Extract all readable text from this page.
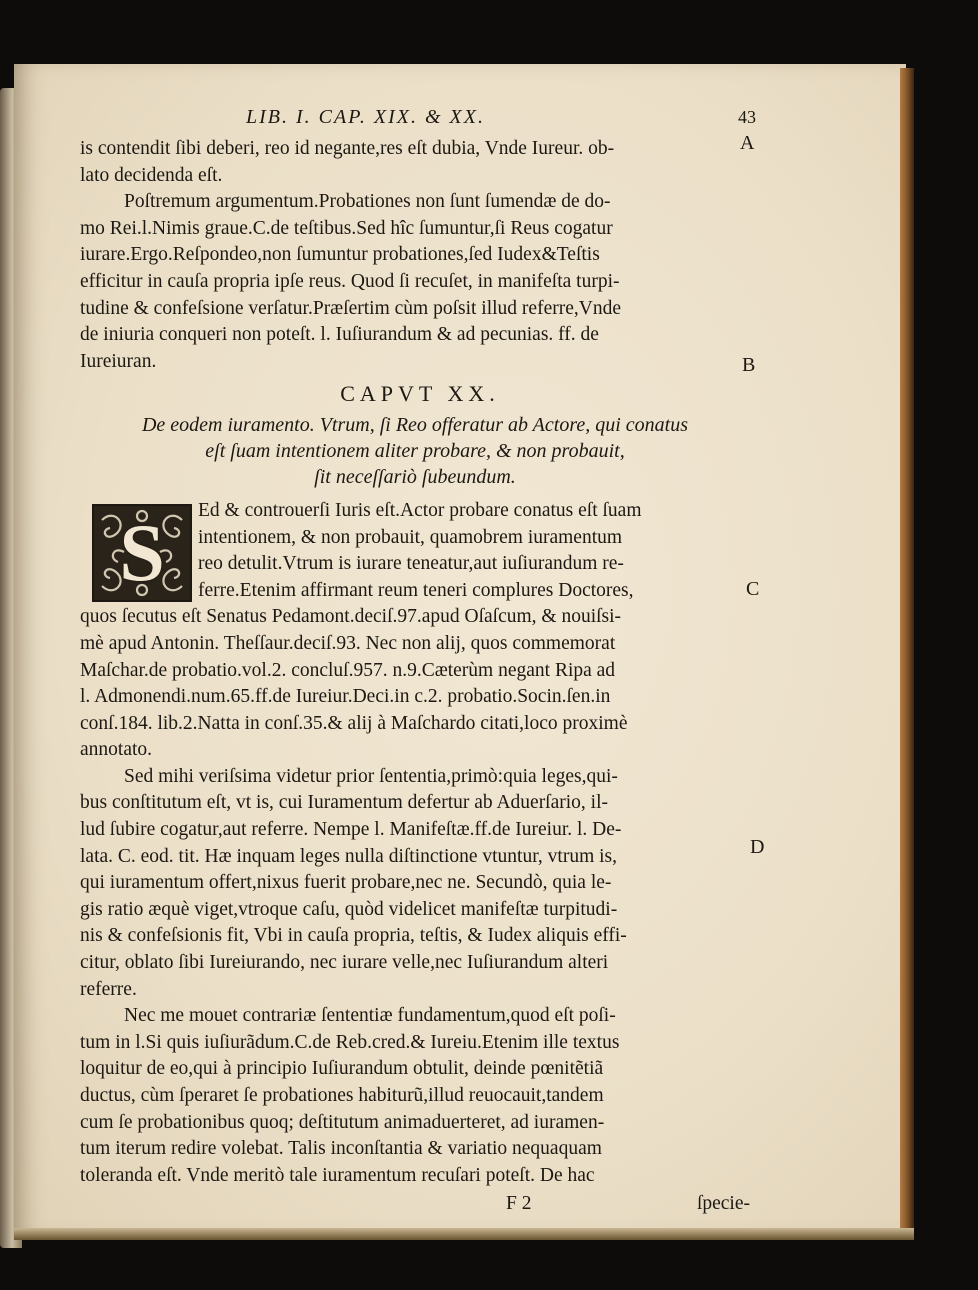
A
B
C
D
LIB. I. CAP. XIX. & XX.	43

is contendit ſibi deberi, reo id negante,res eſt dubia, Vnde Iureur. ob-
lato decidenda eſt.

Poſtremum argumentum.Probationes non ſunt ſumendæ de do-
mo Rei.l.Nimis graue.C.de teſtibus.Sed hîc ſumuntur,ſi Reus cogatur
iurare.Ergo.Reſpondeo,non ſumuntur probationes,ſed Iudex&Teſtis
efficitur in cauſa propria ipſe reus. Quod ſi recuſet, in manifeſta turpi-
tudine & confeſsione verſatur.Præſertim cùm poſsit illud referre,Vnde
de iniuria conqueri non poteſt. l. Iuſiurandum & ad pecunias. ff. de
Iureiuran.

CAPVT XX.
De eodem iuramento. Vtrum, ſi Reo offeratur ab Actore, qui conatus
eſt ſuam intentionem aliter probare, & non probauit,
ſit neceſſariò ſubeundum.
S	Ed & controuerſi Iuris eſt.Actor probare conatus eſt ſuam
intentionem, & non probauit, quamobrem iuramentum
reo detulit.Vtrum is iurare teneatur,aut iuſiurandum re-
ferre.Etenim affirmant reum teneri complures Doctores,
quos ſecutus eſt Senatus Pedamont.deciſ.97.apud Oſaſcum, & nouiſsi-
mè apud Antonin. Theſſaur.deciſ.93. Nec non alij, quos commemorat
Maſchar.de probatio.vol.2. concluſ.957. n.9.Cæterùm negant Ripa ad
l. Admonendi.num.65.ff.de Iureiur.Deci.in c.2. probatio.Socin.ſen.in
conſ.184. lib.2.Natta in conſ.35.& alij à Maſchardo citati,loco proximè
annotato.

Sed mihi veriſsima videtur prior ſententia,primò:quia leges,qui-
bus conſtitutum eſt, vt is, cui Iuramentum defertur ab Aduerſario, il-
lud ſubire cogatur,aut referre. Nempe l. Manifeſtæ.ff.de Iureiur. l. De-
lata. C. eod. tit. Hæ inquam leges nulla diſtinctione vtuntur, vtrum is,
qui iuramentum offert,nixus fuerit probare,nec ne. Secundò, quia le-
gis ratio æquè viget,vtroque caſu, quòd videlicet manifeſtæ turpitudi-
nis & confeſsionis fit, Vbi in cauſa propria, teſtis, & Iudex aliquis effi-
citur, oblato ſibi Iureiurando, nec iurare velle,nec Iuſiurandum alteri
referre.

Nec me mouet contrariæ ſententiæ fundamentum,quod eſt poſi-
tum in l.Si quis iuſiurãdum.C.de Reb.cred.& Iureiu.Etenim ille textus
loquitur de eo,qui à principio Iuſiurandum obtulit, deinde pœnitẽtiã
ductus, cùm ſperaret ſe probationes habiturũ,illud reuocauit,tandem
cum ſe probationibus quoq; deſtitutum animaduerteret, ad iuramen-
tum iterum redire volebat. Talis inconſtantia & variatio nequaquam
toleranda eſt. Vnde meritò tale iuramentum recuſari poteſt. De hac

F 2	ſpecie-
